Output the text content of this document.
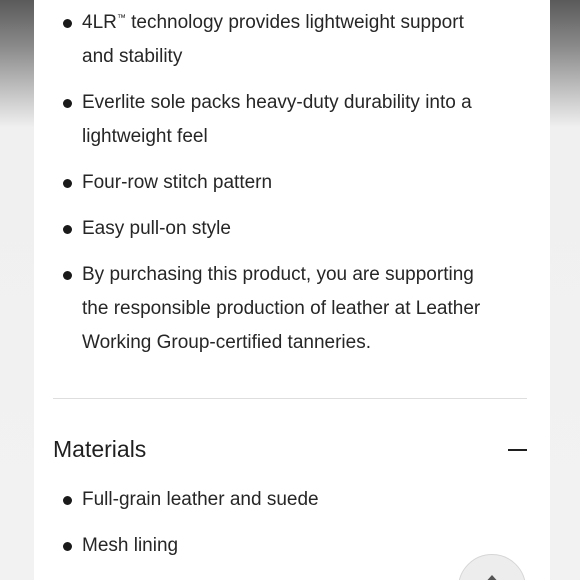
4LR™ technology provides lightweight support and stability
Everlite sole packs heavy-duty durability into a lightweight feel
Four-row stitch pattern
Easy pull-on style
By purchasing this product, you are supporting the responsible production of leather at Leather Working Group-certified tanneries.
Materials
Full-grain leather and suede
Mesh lining
